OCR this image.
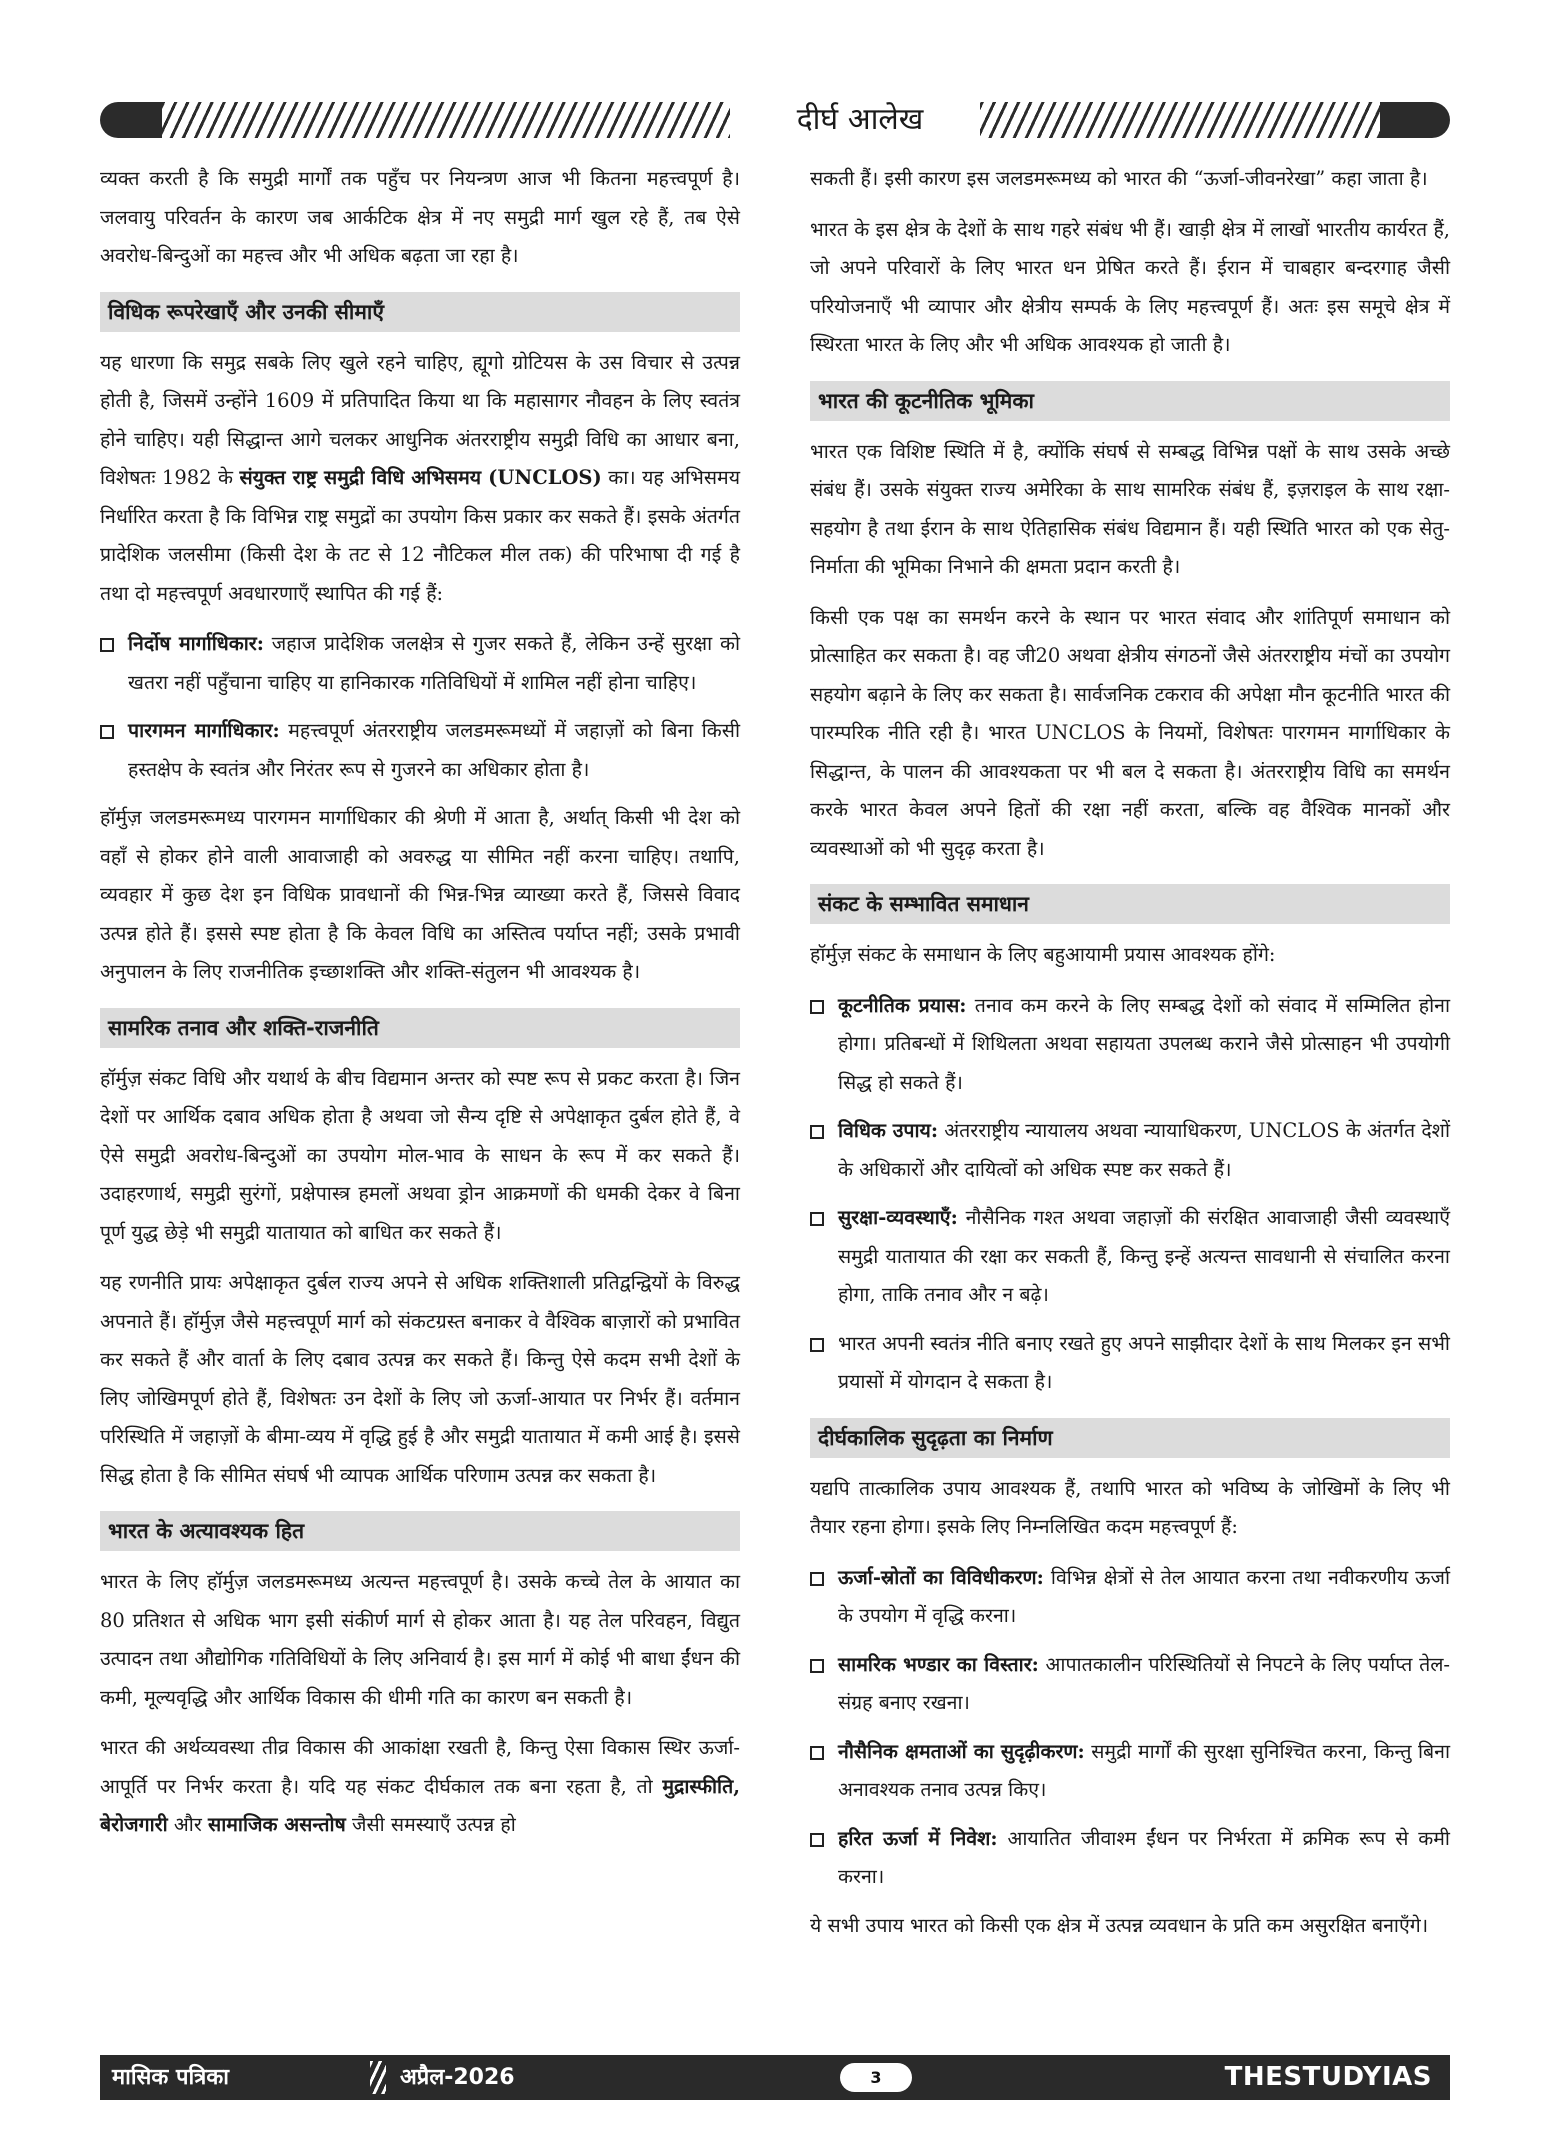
दीर्घ आलेख

व्यक्त करती है कि समुद्री मार्गों तक पहुँच पर नियन्त्रण आज भी कितना महत्त्वपूर्ण है। जलवायु परिवर्तन के कारण जब आर्कटिक क्षेत्र में नए समुद्री मार्ग खुल रहे हैं, तब ऐसे अवरोध-बिन्दुओं का महत्त्व और भी अधिक बढ़ता जा रहा है।

विधिक रूपरेखाएँ और उनकी सीमाएँ

यह धारणा कि समुद्र सबके लिए खुले रहने चाहिए, ह्यूगो ग्रोटियस के उस विचार से उत्पन्न होती है, जिसमें उन्होंने 1609 में प्रतिपादित किया था कि महासागर नौवहन के लिए स्वतंत्र होने चाहिए। यही सिद्धान्त आगे चलकर आधुनिक अंतरराष्ट्रीय समुद्री विधि का आधार बना, विशेषतः 1982 के संयुक्त राष्ट्र समुद्री विधि अभिसमय (UNCLOS) का। यह अभिसमय निर्धारित करता है कि विभिन्न राष्ट्र समुद्रों का उपयोग किस प्रकार कर सकते हैं। इसके अंतर्गत प्रादेशिक जलसीमा (किसी देश के तट से 12 नौटिकल मील तक) की परिभाषा दी गई है तथा दो महत्त्वपूर्ण अवधारणाएँ स्थापित की गई हैं:

निर्दोष मार्गाधिकार: जहाज प्रादेशिक जलक्षेत्र से गुजर सकते हैं, लेकिन उन्हें सुरक्षा को खतरा नहीं पहुँचाना चाहिए या हानिकारक गतिविधियों में शामिल नहीं होना चाहिए।
पारगमन मार्गाधिकार: महत्त्वपूर्ण अंतरराष्ट्रीय जलडमरूमध्यों में जहाज़ों को बिना किसी हस्तक्षेप के स्वतंत्र और निरंतर रूप से गुजरने का अधिकार होता है।

हॉर्मुज़ जलडमरूमध्य पारगमन मार्गाधिकार की श्रेणी में आता है, अर्थात् किसी भी देश को वहाँ से होकर होने वाली आवाजाही को अवरुद्ध या सीमित नहीं करना चाहिए। तथापि, व्यवहार में कुछ देश इन विधिक प्रावधानों की भिन्न-भिन्न व्याख्या करते हैं, जिससे विवाद उत्पन्न होते हैं। इससे स्पष्ट होता है कि केवल विधि का अस्तित्व पर्याप्त नहीं; उसके प्रभावी अनुपालन के लिए राजनीतिक इच्छाशक्ति और शक्ति-संतुलन भी आवश्यक है।

सामरिक तनाव और शक्ति-राजनीति

हॉर्मुज़ संकट विधि और यथार्थ के बीच विद्यमान अन्तर को स्पष्ट रूप से प्रकट करता है। जिन देशों पर आर्थिक दबाव अधिक होता है अथवा जो सैन्य दृष्टि से अपेक्षाकृत दुर्बल होते हैं, वे ऐसे समुद्री अवरोध-बिन्दुओं का उपयोग मोल-भाव के साधन के रूप में कर सकते हैं। उदाहरणार्थ, समुद्री सुरंगों, प्रक्षेपास्त्र हमलों अथवा ड्रोन आक्रमणों की धमकी देकर वे बिना पूर्ण युद्ध छेड़े भी समुद्री यातायात को बाधित कर सकते हैं।

यह रणनीति प्रायः अपेक्षाकृत दुर्बल राज्य अपने से अधिक शक्तिशाली प्रतिद्वन्द्वियों के विरुद्ध अपनाते हैं। हॉर्मुज़ जैसे महत्त्वपूर्ण मार्ग को संकटग्रस्त बनाकर वे वैश्विक बाज़ारों को प्रभावित कर सकते हैं और वार्ता के लिए दबाव उत्पन्न कर सकते हैं। किन्तु ऐसे कदम सभी देशों के लिए जोखिमपूर्ण होते हैं, विशेषतः उन देशों के लिए जो ऊर्जा-आयात पर निर्भर हैं। वर्तमान परिस्थिति में जहाज़ों के बीमा-व्यय में वृद्धि हुई है और समुद्री यातायात में कमी आई है। इससे सिद्ध होता है कि सीमित संघर्ष भी व्यापक आर्थिक परिणाम उत्पन्न कर सकता है।

भारत के अत्यावश्यक हित

भारत के लिए हॉर्मुज़ जलडमरूमध्य अत्यन्त महत्त्वपूर्ण है। उसके कच्चे तेल के आयात का 80 प्रतिशत से अधिक भाग इसी संकीर्ण मार्ग से होकर आता है। यह तेल परिवहन, विद्युत उत्पादन तथा औद्योगिक गतिविधियों के लिए अनिवार्य है। इस मार्ग में कोई भी बाधा ईंधन की कमी, मूल्यवृद्धि और आर्थिक विकास की धीमी गति का कारण बन सकती है।

भारत की अर्थव्यवस्था तीव्र विकास की आकांक्षा रखती है, किन्तु ऐसा विकास स्थिर ऊर्जा-आपूर्ति पर निर्भर करता है। यदि यह संकट दीर्घकाल तक बना रहता है, तो मुद्रास्फीति, बेरोजगारी और सामाजिक असन्तोष जैसी समस्याएँ उत्पन्न हो

सकती हैं। इसी कारण इस जलडमरूमध्य को भारत की “ऊर्जा-जीवनरेखा” कहा जाता है।

भारत के इस क्षेत्र के देशों के साथ गहरे संबंध भी हैं। खाड़ी क्षेत्र में लाखों भारतीय कार्यरत हैं, जो अपने परिवारों के लिए भारत धन प्रेषित करते हैं। ईरान में चाबहार बन्दरगाह जैसी परियोजनाएँ भी व्यापार और क्षेत्रीय सम्पर्क के लिए महत्त्वपूर्ण हैं। अतः इस समूचे क्षेत्र में स्थिरता भारत के लिए और भी अधिक आवश्यक हो जाती है।

भारत की कूटनीतिक भूमिका

भारत एक विशिष्ट स्थिति में है, क्योंकि संघर्ष से सम्बद्ध विभिन्न पक्षों के साथ उसके अच्छे संबंध हैं। उसके संयुक्त राज्य अमेरिका के साथ सामरिक संबंध हैं, इज़राइल के साथ रक्षा-सहयोग है तथा ईरान के साथ ऐतिहासिक संबंध विद्यमान हैं। यही स्थिति भारत को एक सेतु-निर्माता की भूमिका निभाने की क्षमता प्रदान करती है।

किसी एक पक्ष का समर्थन करने के स्थान पर भारत संवाद और शांतिपूर्ण समाधान को प्रोत्साहित कर सकता है। वह जी20 अथवा क्षेत्रीय संगठनों जैसे अंतरराष्ट्रीय मंचों का उपयोग सहयोग बढ़ाने के लिए कर सकता है। सार्वजनिक टकराव की अपेक्षा मौन कूटनीति भारत की पारम्परिक नीति रही है। भारत UNCLOS के नियमों, विशेषतः पारगमन मार्गाधिकार के सिद्धान्त, के पालन की आवश्यकता पर भी बल दे सकता है। अंतरराष्ट्रीय विधि का समर्थन करके भारत केवल अपने हितों की रक्षा नहीं करता, बल्कि वह वैश्विक मानकों और व्यवस्थाओं को भी सुदृढ़ करता है।

संकट के सम्भावित समाधान

हॉर्मुज़ संकट के समाधान के लिए बहुआयामी प्रयास आवश्यक होंगे:

कूटनीतिक प्रयास: तनाव कम करने के लिए सम्बद्ध देशों को संवाद में सम्मिलित होना होगा। प्रतिबन्धों में शिथिलता अथवा सहायता उपलब्ध कराने जैसे प्रोत्साहन भी उपयोगी सिद्ध हो सकते हैं।
विधिक उपाय: अंतरराष्ट्रीय न्यायालय अथवा न्यायाधिकरण, UNCLOS के अंतर्गत देशों के अधिकारों और दायित्वों को अधिक स्पष्ट कर सकते हैं।
सुरक्षा-व्यवस्थाएँ: नौसैनिक गश्त अथवा जहाज़ों की संरक्षित आवाजाही जैसी व्यवस्थाएँ समुद्री यातायात की रक्षा कर सकती हैं, किन्तु इन्हें अत्यन्त सावधानी से संचालित करना होगा, ताकि तनाव और न बढ़े।
भारत अपनी स्वतंत्र नीति बनाए रखते हुए अपने साझीदार देशों के साथ मिलकर इन सभी प्रयासों में योगदान दे सकता है।
दीर्घकालिक सुदृढ़ता का निर्माण

यद्यपि तात्कालिक उपाय आवश्यक हैं, तथापि भारत को भविष्य के जोखिमों के लिए भी तैयार रहना होगा। इसके लिए निम्नलिखित कदम महत्त्वपूर्ण हैं:

ऊर्जा-स्रोतों का विविधीकरण: विभिन्न क्षेत्रों से तेल आयात करना तथा नवीकरणीय ऊर्जा के उपयोग में वृद्धि करना।
सामरिक भण्डार का विस्तार: आपातकालीन परिस्थितियों से निपटने के लिए पर्याप्त तेल-संग्रह बनाए रखना।
नौसैनिक क्षमताओं का सुदृढ़ीकरण: समुद्री मार्गों की सुरक्षा सुनिश्चित करना, किन्तु बिना अनावश्यक तनाव उत्पन्न किए।
हरित ऊर्जा में निवेश: आयातित जीवाश्म ईंधन पर निर्भरता में क्रमिक रूप से कमी करना।

ये सभी उपाय भारत को किसी एक क्षेत्र में उत्पन्न व्यवधान के प्रति कम असुरक्षित बनाएँगे।

मासिक पत्रिका	अप्रैल-2026	3	THESTUDYIAS
